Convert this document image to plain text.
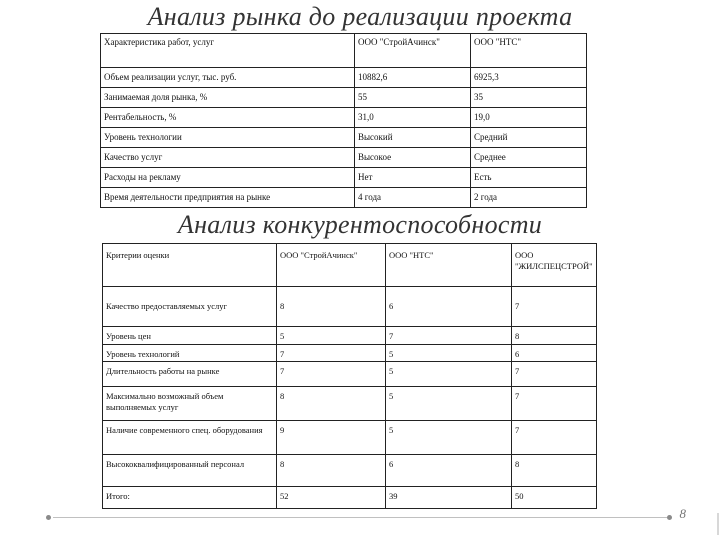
Анализ рынка до реализации проекта
Характеристика работ, услуг	ООО "СтройАчинск"	ООО "НТС"
Объем реализации услуг, тыс. руб.	10882,6	6925,3
Занимаемая доля рынка, %	55	35
Рентабельность, %	31,0	19,0
Уровень технологии	Высокий	Средний
Качество услуг	Высокое	Среднее
Расходы на рекламу	Нет	Есть
Время деятельности предприятия на рынке	4 года	2 года
Анализ конкурентоспособности
Критерии оценки	ООО "СтройАчинск"	ООО "НТС"	ООО "ЖИЛСПЕЦСТРОЙ"
Качество предоставляемых услуг	8	6	7
Уровень цен	5	7	8
Уровень технологий	7	5	6
Длительность работы на рынке	7	5	7
Максимально возможный объем выполняемых услуг	8	5	7
Наличие современного спец. оборудования	9	5	7
Высококвалифицированный персонал	8	6	8
Итого:	52	39	50
8
